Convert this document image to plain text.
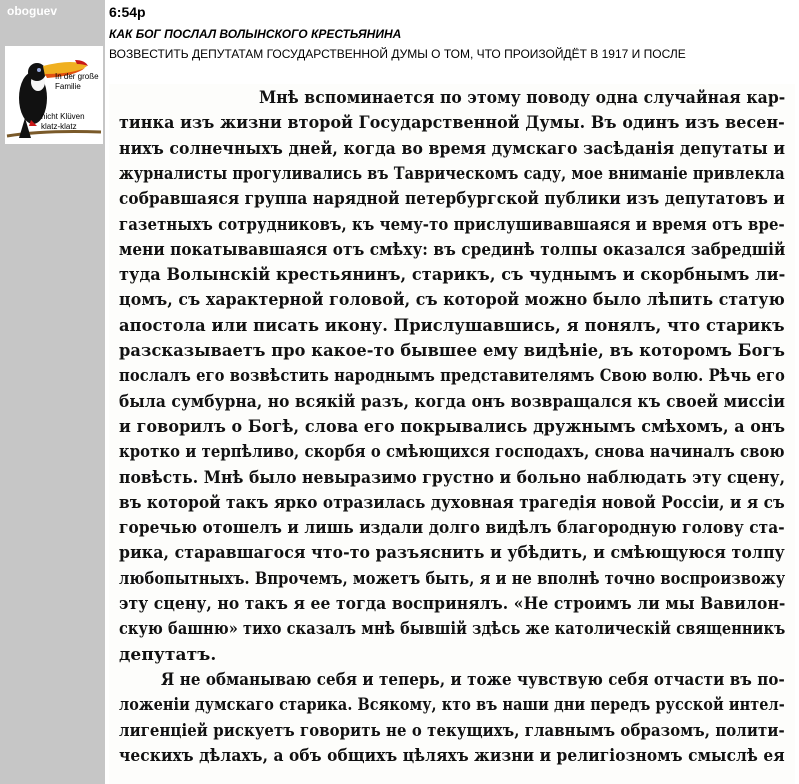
oboguev
In der große Familie
nicht Klüven klatz-klatz
6:54p
КАК БОГ ПОСЛАЛ ВОЛЫНСКОГО КРЕСТЬЯНИНА
ВОЗВЕСТИТЬ ДЕПУТАТАМ ГОСУДАРСТВЕННОЙ ДУМЫ О ТОМ, ЧТО ПРОИЗОЙДЁТ В 1917 И ПОСЛЕ
Мнѣ вспоминается по этому поводу одна случайная кар-
тинка изъ жизни второй Государственной Думы. Въ одинъ изъ весен-
нихъ солнечныхъ дней, когда во время думскаго засѣданія депутаты и
журналисты прогуливались въ Таврическомъ саду, мое вниманіе привлекла
собравшаяся группа нарядной петербургской публики изъ депутатовъ и
газетныхъ сотрудниковъ, къ чему-то прислушивавшаяся и время отъ вре-
мени покатывавшаяся отъ смѣху: въ срединѣ толпы оказался забредшій
туда Волынскій крестьянинъ, старикъ, съ чуднымъ и скорбнымъ ли-
цомъ, съ характерной головой, съ которой можно было лѣпить статую
апостола или писать икону. Прислушавшись, я понялъ, что старикъ
разсказываетъ про какое-то бывшее ему видѣніе, въ которомъ Богъ
послалъ его возвѣстить народнымъ представителямъ Свою волю. Рѣчь его
была сумбурна, но всякій разъ, когда онъ возвращался къ своей миссіи
и говорилъ о Богѣ, слова его покрывались дружнымъ смѣхомъ, а онъ
кротко и терпѣливо, скорбя о смѣющихся господахъ, снова начиналъ свою
повѣсть. Мнѣ было невыразимо грустно и больно наблюдать эту сцену,
въ которой такъ ярко отразилась духовная трагедія новой Россіи, и я съ
горечью отошелъ и лишь издали долго видѣлъ благородную голову ста-
рика, старавшагося что-то разъяснить и убѣдить, и смѣющуюся толпу
любопытныхъ. Впрочемъ, можетъ быть, я и не вполнѣ точно воспроизвожу
эту сцену, но такъ я ее тогда воспринялъ. «Не строимъ ли мы Вавилон-
скую башню» тихо сказалъ мнѣ бывшій здѣсь же католическій священникъ
депутатъ.
Я не обманываю себя и теперь, и тоже чувствую себя отчасти въ по-
ложеніи думскаго старика. Всякому, кто въ наши дни передъ русской интел-
лигенціей рискуетъ говорить не о текущихъ, главнымъ образомъ, полити-
ческихъ дѣлахъ, а объ общихъ цѣляхъ жизни и религіозномъ смыслѣ ея
